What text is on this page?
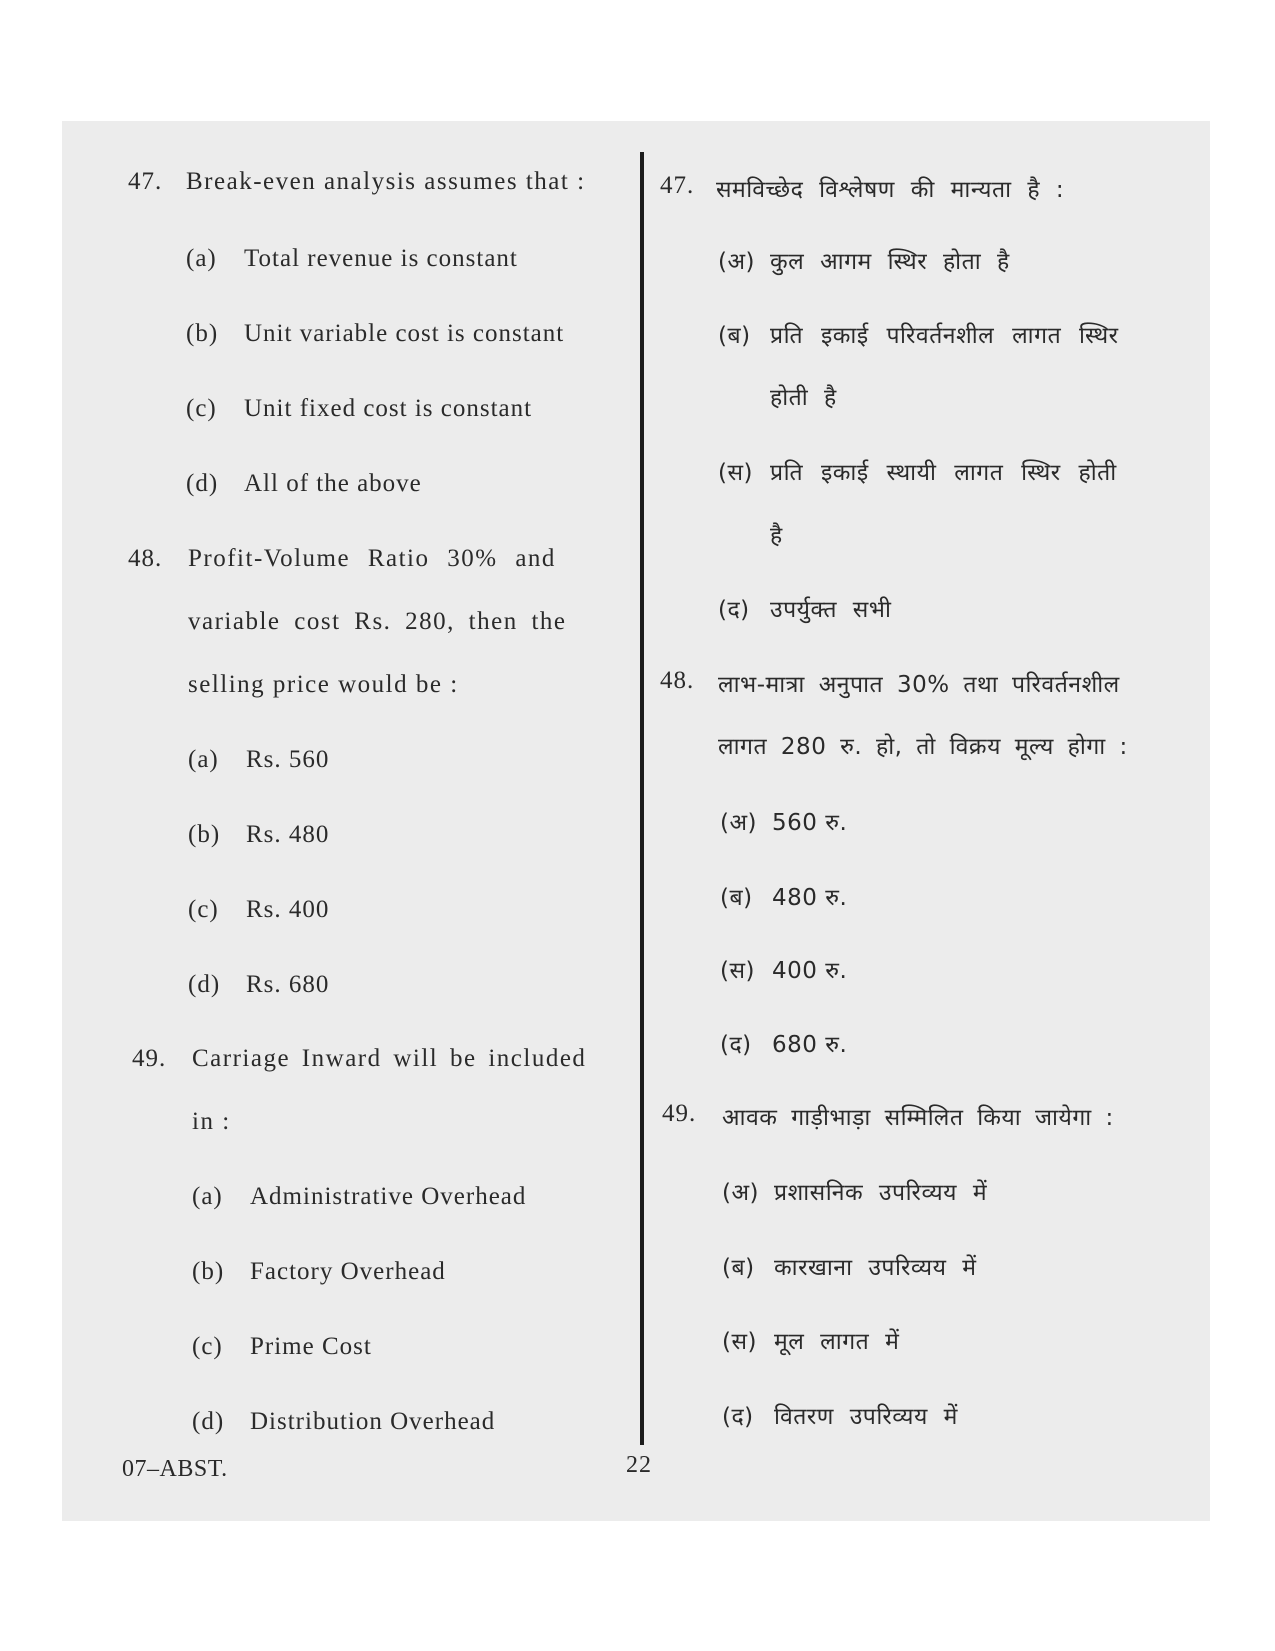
47. Break-even analysis assumes that :

(a) Total revenue is constant

(b) Unit variable cost is constant

(c) Unit fixed cost is constant

(d) All of the above

48. Profit-Volume Ratio 30% and

variable cost Rs. 280, then the

selling price would be :

(a) Rs. 560

(b) Rs. 480

(c) Rs. 400

(d) Rs. 680

49. Carriage Inward will be included

in :

(a) Administrative Overhead

(b) Factory Overhead

(c) Prime Cost

(d) Distribution Overhead

47. समविच्छेद विश्लेषण की मान्यता है :

(अ) कुल आगम स्थिर होता है

(ब) प्रति इकाई परिवर्तनशील लागत स्थिर

होती है

(स) प्रति इकाई स्थायी लागत स्थिर होती

है

(द) उपर्युक्त सभी

48. लाभ-मात्रा अनुपात 30% तथा परिवर्तनशील

लागत 280 रु. हो, तो विक्रय मूल्य होगा :

(अ) 560 रु.

(ब) 480 रु.

(स) 400 रु.

(द) 680 रु.

49. आवक गाड़ीभाड़ा सम्मिलित किया जायेगा :

(अ) प्रशासनिक उपरिव्यय में

(ब) कारखाना उपरिव्यय में

(स) मूल लागत में

(द) वितरण उपरिव्यय में

07–ABST.	22
